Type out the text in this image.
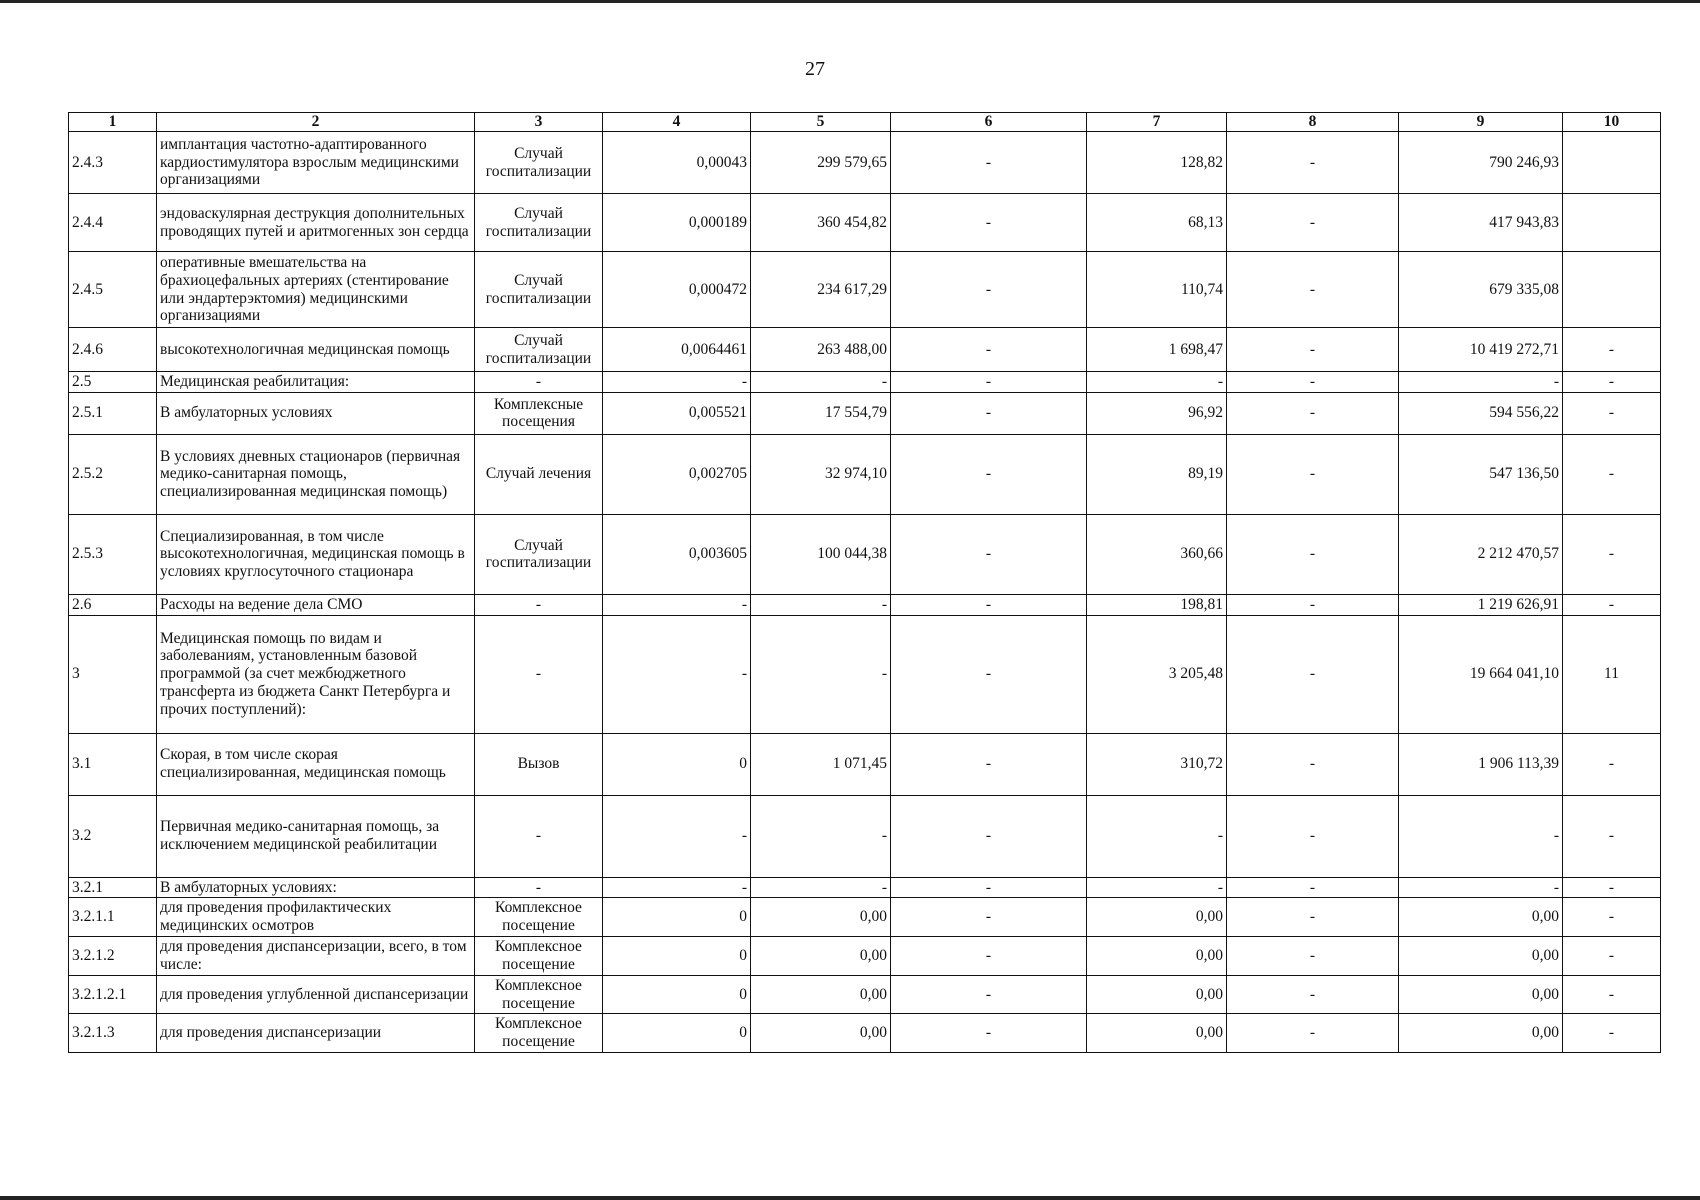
27
1	2	3	4	5	6	7	8	9	10
2.4.3	имплантация частотно-адаптированного кардиостимулятора взрослым медицинскими организациями	Случай госпитализации	0,00043	299 579,65	-	128,82	-	790 246,93	
2.4.4	эндоваскулярная деструкция дополнительных проводящих путей и аритмогенных зон сердца	Случай госпитализации	0,000189	360 454,82	-	68,13	-	417 943,83	
2.4.5	оперативные вмешательства на брахиоцефальных артериях (стентирование или эндартерэктомия) медицинскими организациями	Случай госпитализации	0,000472	234 617,29	-	110,74	-	679 335,08	
2.4.6	высокотехнологичная медицинская помощь	Случай госпитализации	0,0064461	263 488,00	-	1 698,47	-	10 419 272,71	-
2.5	Медицинская реабилитация:	-	-	-	-	-	-	-	-
2.5.1	В амбулаторных условиях	Комплексные посещения	0,005521	17 554,79	-	96,92	-	594 556,22	-
2.5.2	В условиях дневных стационаров (первичная медико-санитарная помощь, специализированная медицинская помощь)	Случай лечения	0,002705	32 974,10	-	89,19	-	547 136,50	-
2.5.3	Специализированная, в том числе высокотехнологичная, медицинская помощь в условиях круглосуточного стационара	Случай госпитализации	0,003605	100 044,38	-	360,66	-	2 212 470,57	-
2.6	Расходы на ведение дела СМО	-	-	-	-	198,81	-	1 219 626,91	-
3	Медицинская помощь по видам и заболеваниям, установленным базовой программой (за счет межбюджетного трансферта из бюджета Санкт Петербурга и прочих поступлений):	-	-	-	-	3 205,48	-	19 664 041,10	11
3.1	Скорая, в том числе скорая специализированная, медицинская помощь	Вызов	0	1 071,45	-	310,72	-	1 906 113,39	-
3.2	Первичная медико-санитарная помощь, за исключением медицинской реабилитации	-	-	-	-	-	-	-	-
3.2.1	В амбулаторных условиях:	-	-	-	-	-	-	-	-
3.2.1.1	для проведения профилактических медицинских осмотров	Комплексное посещение	0	0,00	-	0,00	-	0,00	-
3.2.1.2	для проведения диспансеризации, всего, в том числе:	Комплексное посещение	0	0,00	-	0,00	-	0,00	-
3.2.1.2.1	для проведения углубленной диспансеризации	Комплексное посещение	0	0,00	-	0,00	-	0,00	-
3.2.1.3	для проведения диспансеризации	Комплексное посещение	0	0,00	-	0,00	-	0,00	-
